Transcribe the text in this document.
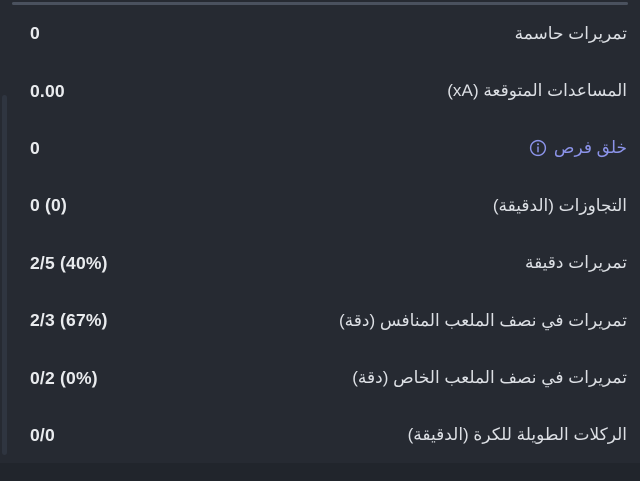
تمريرات حاسمة
0
المساعدات المتوقعة (xA)
0.00
خلق فرص
0
التجاوزات (الدقيقة)
0 (0)
تمريرات دقيقة
2/5 (40%)
تمريرات في نصف الملعب المنافس (دقة)
2/3 (67%)
تمريرات في نصف الملعب الخاص (دقة)
0/2 (0%)
الركلات الطويلة للكرة (الدقيقة)
0/0
